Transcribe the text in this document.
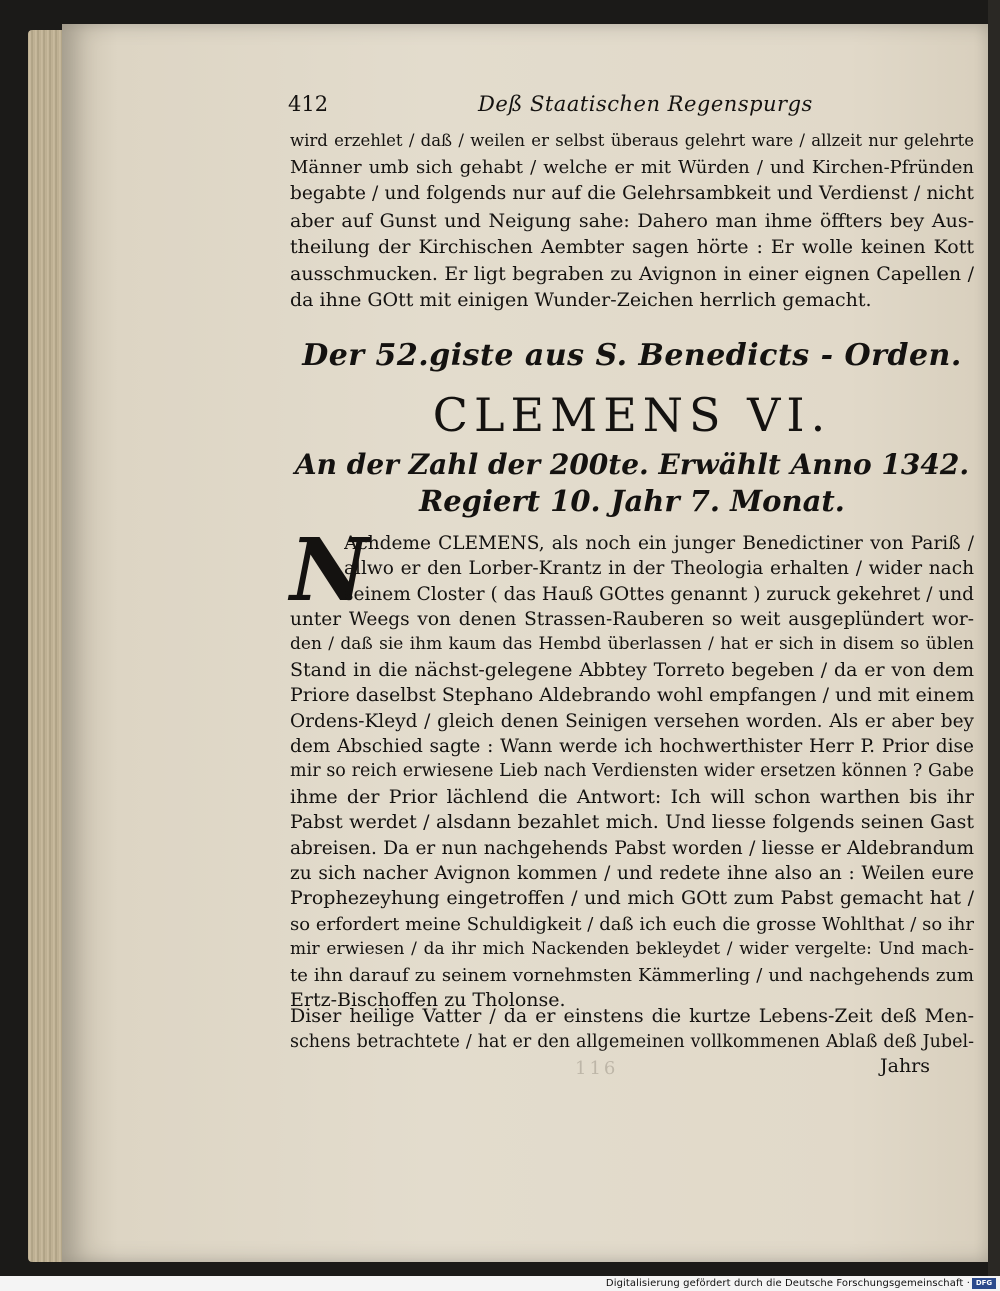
412	Deß Staatischen Regenspurgs
wird erzehlet / daß / weilen er selbst überaus gelehrt ware / allzeit nur gelehrte
Männer umb sich gehabt / welche er mit Würden / und Kirchen-Pfründen
begabte / und folgends nur auf die Gelehrsambkeit und Verdienst / nicht
aber auf Gunst und Neigung sahe: Dahero man ihme öffters bey Aus-
theilung der Kirchischen Aembter sagen hörte : Er wolle keinen Kott
ausschmucken. Er ligt begraben zu Avignon in einer eignen Capellen /
da ihne GOtt mit einigen Wunder-Zeichen herrlich gemacht.
Der 52.giste aus S. Benedicts - Orden.
CLEMENS VI.
An der Zahl der 200te. Erwählt Anno 1342.
Regiert 10. Jahr 7. Monat.
N
Achdeme CLEMENS, als noch ein junger Benedictiner von Pariß /
allwo er den Lorber-Krantz in der Theologia erhalten / wider nach
seinem Closter ( das Hauß GOttes genannt ) zuruck gekehret / und
unter Weegs von denen Strassen-Rauberen so weit ausgeplündert wor-
den / daß sie ihm kaum das Hembd überlassen / hat er sich in disem so üblen
Stand in die nächst-gelegene Abbtey Torreto begeben / da er von dem
Priore daselbst Stephano Aldebrando wohl empfangen / und mit einem
Ordens-Kleyd / gleich denen Seinigen versehen worden. Als er aber bey
dem Abschied sagte : Wann werde ich hochwerthister Herr P. Prior dise
mir so reich erwiesene Lieb nach Verdiensten wider ersetzen können ? Gabe
ihme der Prior lächlend die Antwort: Ich will schon warthen bis ihr
Pabst werdet / alsdann bezahlet mich. Und liesse folgends seinen Gast
abreisen. Da er nun nachgehends Pabst worden / liesse er Aldebrandum
zu sich nacher Avignon kommen / und redete ihne also an : Weilen eure
Prophezeyhung eingetroffen / und mich GOtt zum Pabst gemacht hat /
so erfordert meine Schuldigkeit / daß ich euch die grosse Wohlthat / so ihr
mir erwiesen / da ihr mich Nackenden bekleydet / wider vergelte: Und mach-
te ihn darauf zu seinem vornehmsten Kämmerling / und nachgehends zum
Ertz-Bischoffen zu Tholonse.
Diser heilige Vatter / da er einstens die kurtze Lebens-Zeit deß Men-
schens betrachtete / hat er den allgemeinen vollkommenen Ablaß deß Jubel-
Jahrs
116
Digitalisierung gefördert durch die Deutsche Forschungsgemeinschaft · DFG
